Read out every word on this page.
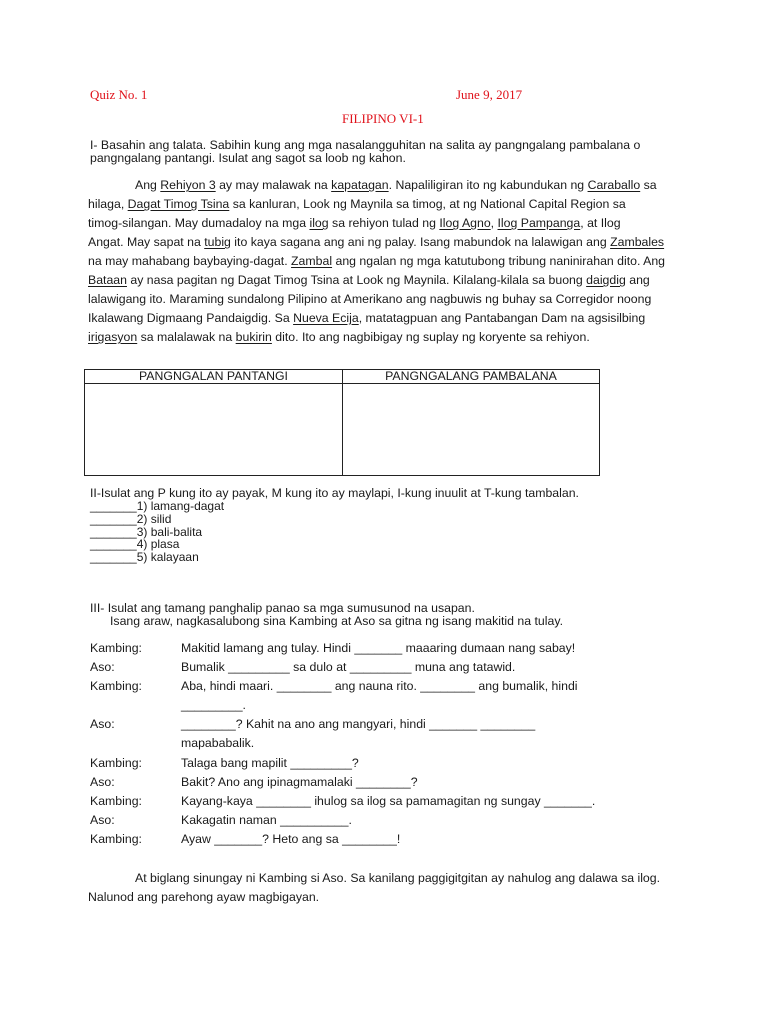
Quiz No. 1	June 9, 2017
FILIPINO VI-1
I- Basahin ang talata. Sabihin kung ang mga nasalangguhitan na salita ay pangngalang pambalana o
pangngalang pantangi. Isulat ang sagot sa loob ng kahon.
Ang Rehiyon 3 ay may malawak na kapatagan. Napaliligiran ito ng kabundukan ng Caraballo sa
hilaga, Dagat Timog Tsina sa kanluran, Look ng Maynila sa timog, at ng National Capital Region sa
timog-silangan. May dumadaloy na mga ilog sa rehiyon tulad ng Ilog Agno, Ilog Pampanga, at Ilog
Angat. May sapat na tubig ito kaya sagana ang ani ng palay. Isang mabundok na lalawigan ang Zambales
na may mahabang baybaying-dagat. Zambal ang ngalan ng mga katutubong tribung naninirahan dito. Ang
Bataan ay nasa pagitan ng Dagat Timog Tsina at Look ng Maynila. Kilalang-kilala sa buong daigdig ang
lalawigang ito. Maraming sundalong Pilipino at Amerikano ang nagbuwis ng buhay sa Corregidor noong
Ikalawang Digmaang Pandaigdig. Sa Nueva Ecija, matatagpuan ang Pantabangan Dam na agsisilbing
irigasyon sa malalawak na bukirin dito. Ito ang nagbibigay ng suplay ng koryente sa rehiyon.
PANGNGALAN PANTANGI	PANGNGALANG PAMBALANA

II-Isulat ang P kung ito ay payak, M kung ito ay maylapi, I-kung inuulit at T-kung tambalan.
_______1) lamang-dagat
_______2) silid
_______3) bali-balita
_______4) plasa
_______5) kalayaan
III- Isulat ang tamang panghalip panao sa mga sumusunod na usapan.
Isang araw, nagkasalubong sina Kambing at Aso sa gitna ng isang makitid na tulay.
Kambing:	Makitid lamang ang tulay. Hindi _______ maaaring dumaan nang sabay!
Aso:	Bumalik _________ sa dulo at _________ muna ang tatawid.
Kambing:	Aba, hindi maari. ________ ang nauna rito. ________ ang bumalik, hindi
_________.
Aso:	________? Kahit na ano ang mangyari, hindi _______ ________
mapababalik.
Kambing:	Talaga bang mapilit _________?
Aso:	Bakit? Ano ang ipinagmamalaki ________?
Kambing:	Kayang-kaya ________ ihulog sa ilog sa pamamagitan ng sungay _______.
Aso:	Kakagatin naman __________.
Kambing:	Ayaw _______? Heto ang sa ________!
At biglang sinungay ni Kambing si Aso. Sa kanilang paggigitgitan ay nahulog ang dalawa sa ilog.
Nalunod ang parehong ayaw magbigayan.
